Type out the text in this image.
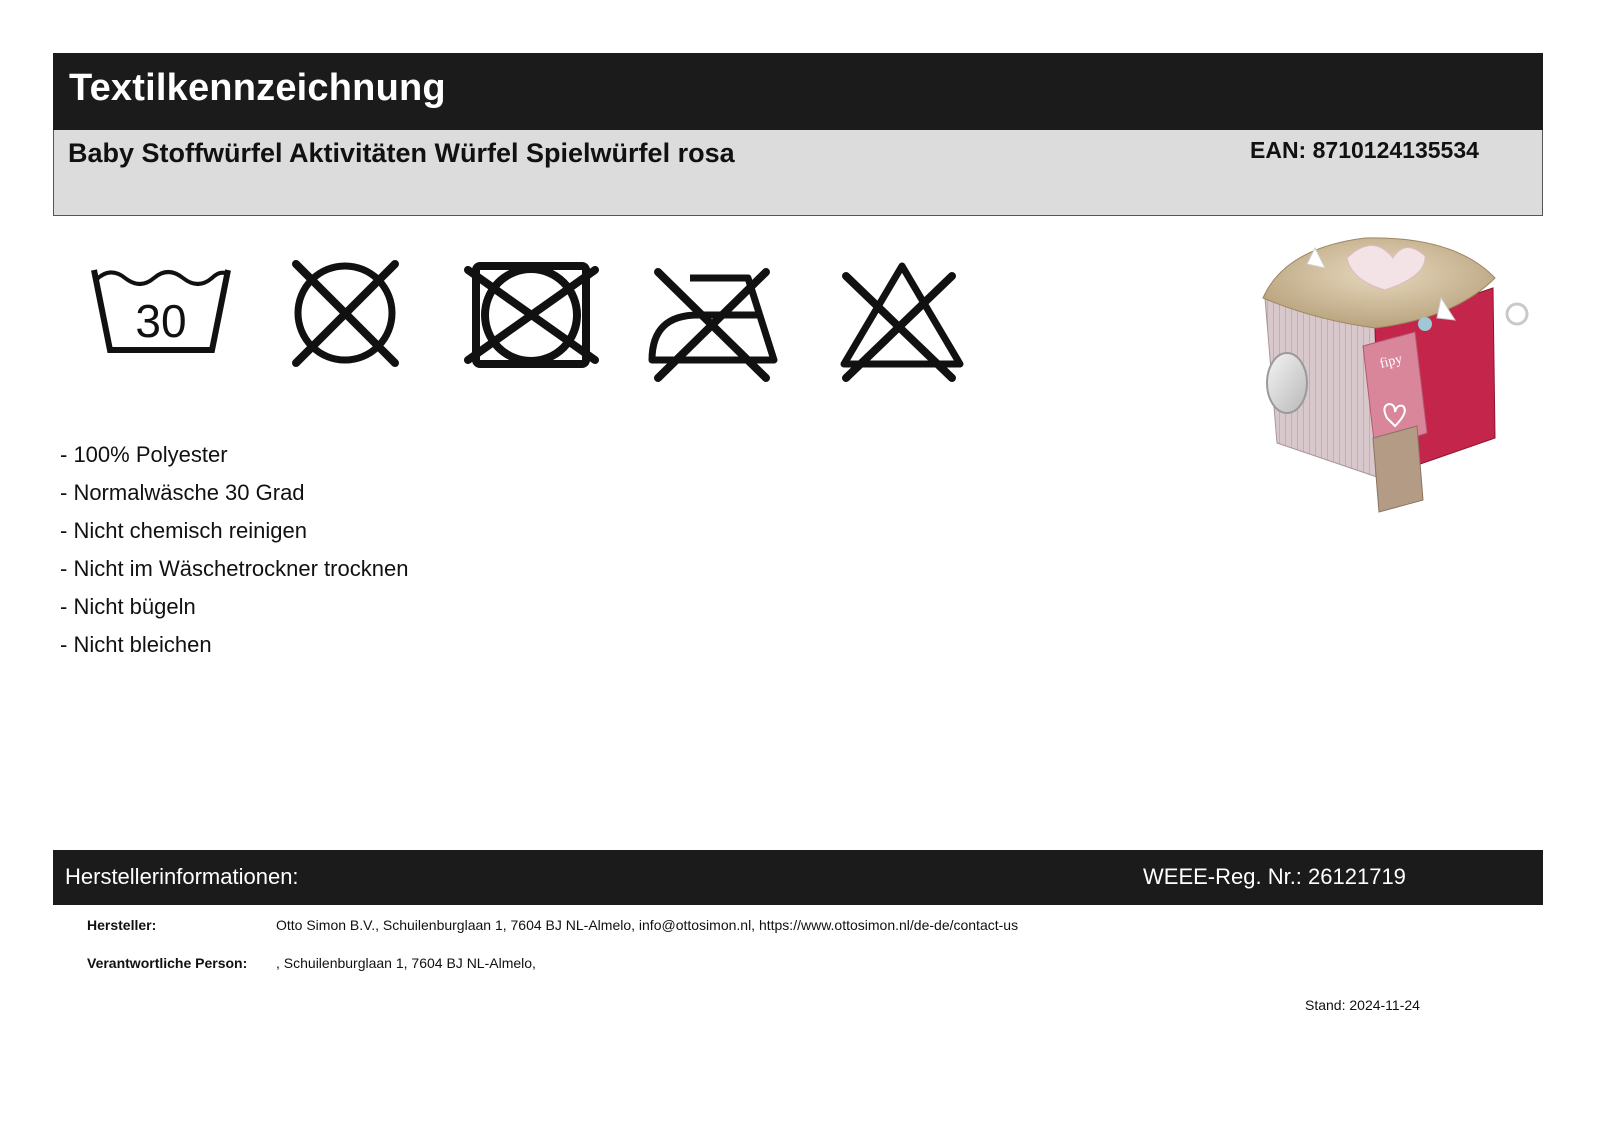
Textilkennzeichnung
Baby Stoffwürfel Aktivitäten Würfel Spielwürfel rosa	EAN: 8710124135534
30
fipy
- 100% Polyester
- Normalwäsche 30 Grad
- Nicht chemisch reinigen
- Nicht im Wäschetrockner trocknen
- Nicht bügeln
- Nicht bleichen
Herstellerinformationen:	WEEE-Reg. Nr.: 26121719
Hersteller:	Otto Simon B.V., Schuilenburglaan 1, 7604 BJ NL-Almelo, info@ottosimon.nl, https://www.ottosimon.nl/de-de/contact-us
Verantwortliche Person: , Schuilenburglaan 1, 7604 BJ NL-Almelo,
Stand: 2024-11-24
